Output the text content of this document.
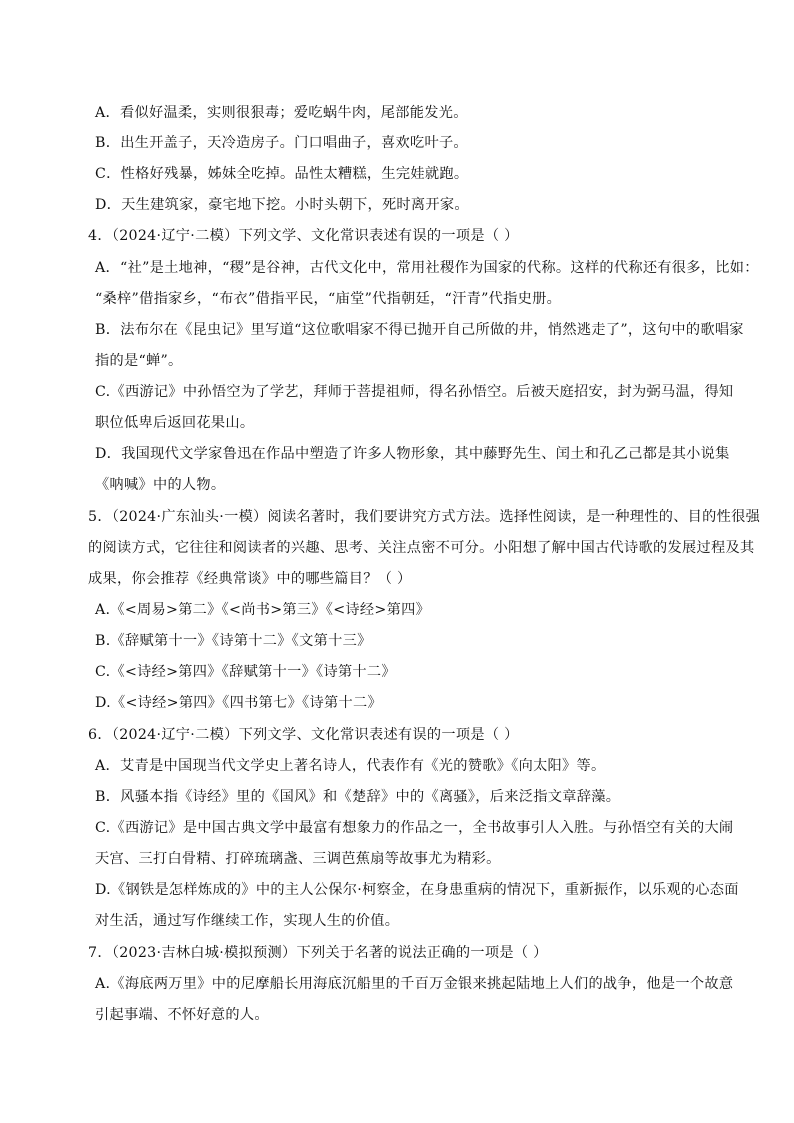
A．看似好温柔，实则很狠毒；爱吃蜗牛肉，尾部能发光。
B．出生开盖子，天冷造房子。门口唱曲子，喜欢吃叶子。
C．性格好残暴，姊妹全吃掉。品性太糟糕，生完娃就跑。
D．天生建筑家，豪宅地下挖。小时头朝下，死时离开家。
4．（2024·辽宁·二模）下列文学、文化常识表述有误的一项是（ ）
A．“社”是土地神，“稷”是谷神，古代文化中，常用社稷作为国家的代称。这样的代称还有很多，比如：
“桑梓”借指家乡，“布衣”借指平民，“庙堂”代指朝廷，“汗青”代指史册。
B．法布尔在《昆虫记》里写道“这位歌唱家不得已抛开自己所做的井，悄然逃走了”，这句中的歌唱家
指的是“蝉”。
C.《西游记》中孙悟空为了学艺，拜师于菩提祖师，得名孙悟空。后被天庭招安，封为弼马温，得知
职位低卑后返回花果山。
D．我国现代文学家鲁迅在作品中塑造了许多人物形象，其中藤野先生、闰土和孔乙己都是其小说集
《呐喊》中的人物。
5．（2024·广东汕头·一模）阅读名著时，我们要讲究方式方法。选择性阅读，是一种理性的、目的性很强
的阅读方式，它往往和阅读者的兴趣、思考、关注点密不可分。小阳想了解中国古代诗歌的发展过程及其
成果，你会推荐《经典常谈》中的哪些篇目？（ ）
A.《<周易>第二》《<尚书>第三》《<诗经>第四》
B.《辞赋第十一》《诗第十二》《文第十三》
C.《<诗经>第四》《辞赋第十一》《诗第十二》
D.《<诗经>第四》《四书第七》《诗第十二》
6．（2024·辽宁·二模）下列文学、文化常识表述有误的一项是（ ）
A．艾青是中国现当代文学史上著名诗人，代表作有《光的赞歌》《向太阳》等。
B．风骚本指《诗经》里的《国风》和《楚辞》中的《离骚》，后来泛指文章辞藻。
C.《西游记》是中国古典文学中最富有想象力的作品之一，全书故事引人入胜。与孙悟空有关的大闹
天宫、三打白骨精、打碎琉璃盏、三调芭蕉扇等故事尤为精彩。
D.《钢铁是怎样炼成的》中的主人公保尔·柯察金，在身患重病的情况下，重新振作，以乐观的心态面
对生活，通过写作继续工作，实现人生的价值。
7．（2023·吉林白城·模拟预测）下列关于名著的说法正确的一项是（ ）
A.《海底两万里》中的尼摩船长用海底沉船里的千百万金银来挑起陆地上人们的战争，他是一个故意
引起事端、不怀好意的人。
